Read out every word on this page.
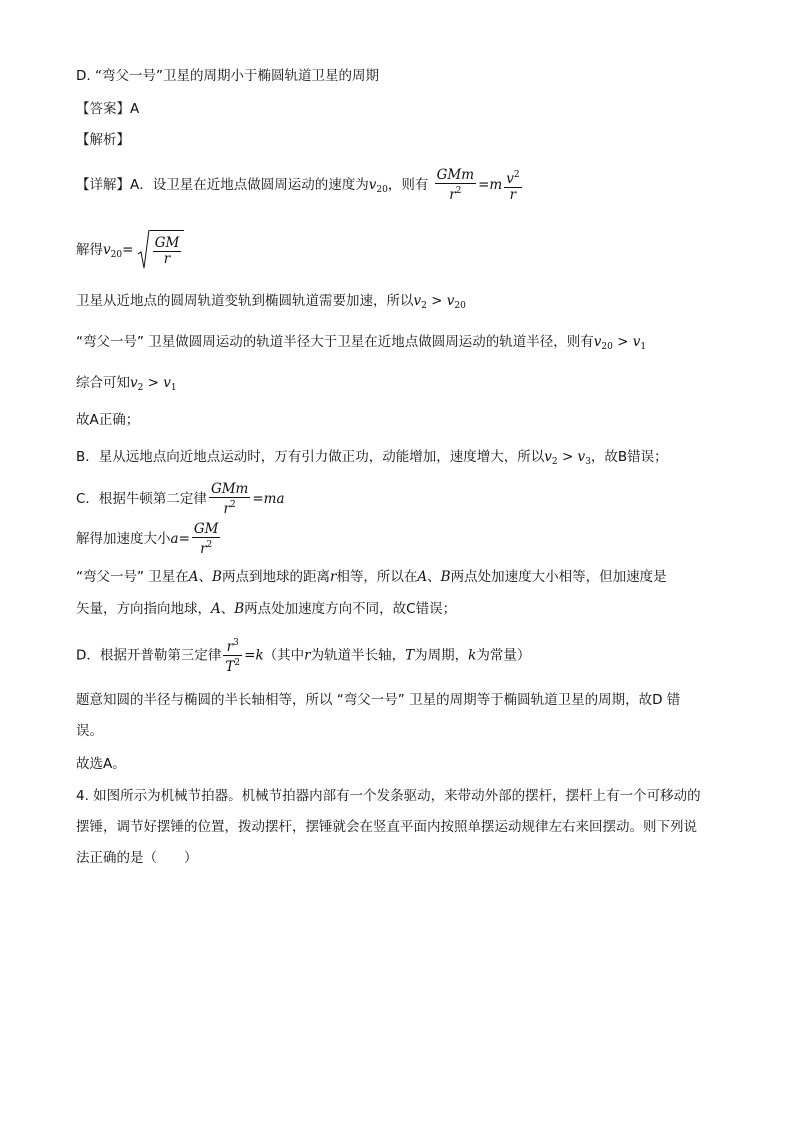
D. “弯父一号”卫星的周期小于椭圆轨道卫星的周期
【答案】A
【解析】
【详解】A．设卫星在近地点做圆周运动的速度为$v_{20}$，则有 $\frac{\text{GMm}}{r^2} =m \frac{v^2}{r}$
解得$v_{20}= \frac{GM}{r}$
卫星从近地点的圆周轨道变轨到椭圆轨道需要加速，所以$v_2 > v_{20}$
“弯父一号” 卫星做圆周运动的轨道半径大于卫星在近地点做圆周运动的轨道半径，则有$v_{20} > v_1$
综合可知$v_2 > v_1$
故A正确；
B．星从远地点向近地点运动时，万有引力做正功，动能增加，速度增大，所以$v_2 > v_3$，故B错误；
C．根据牛顿第二定律 $\frac{\text{GMm}}{r^2} =ma$
解得加速度大小$a= \frac{GM}{r^2}$
“弯父一号” 卫星在A、B两点到地球的距离r相等，所以在A、B两点处加速度大小相等，但加速度是
矢量，方向指向地球，A、B两点处加速度方向不同，故C错误；
D．根据开普勒第三定律 $\frac{r^3}{T^2} =k$（其中r为轨道半长轴，T为周期，k为常量）
题意知圆的半径与椭圆的半长轴相等，所以 “弯父一号” 卫星的周期等于椭圆轨道卫星的周期，故D 错
误。
故选A。
4. 如图所示为机械节拍器。机械节拍器内部有一个发条驱动，来带动外部的摆杆，摆杆上有一个可移动的
摆锤，调节好摆锤的位置，拨动摆杆，摆锤就会在竖直平面内按照单摆运动规律左右来回摆动。则下列说
法正确的是（　　）
